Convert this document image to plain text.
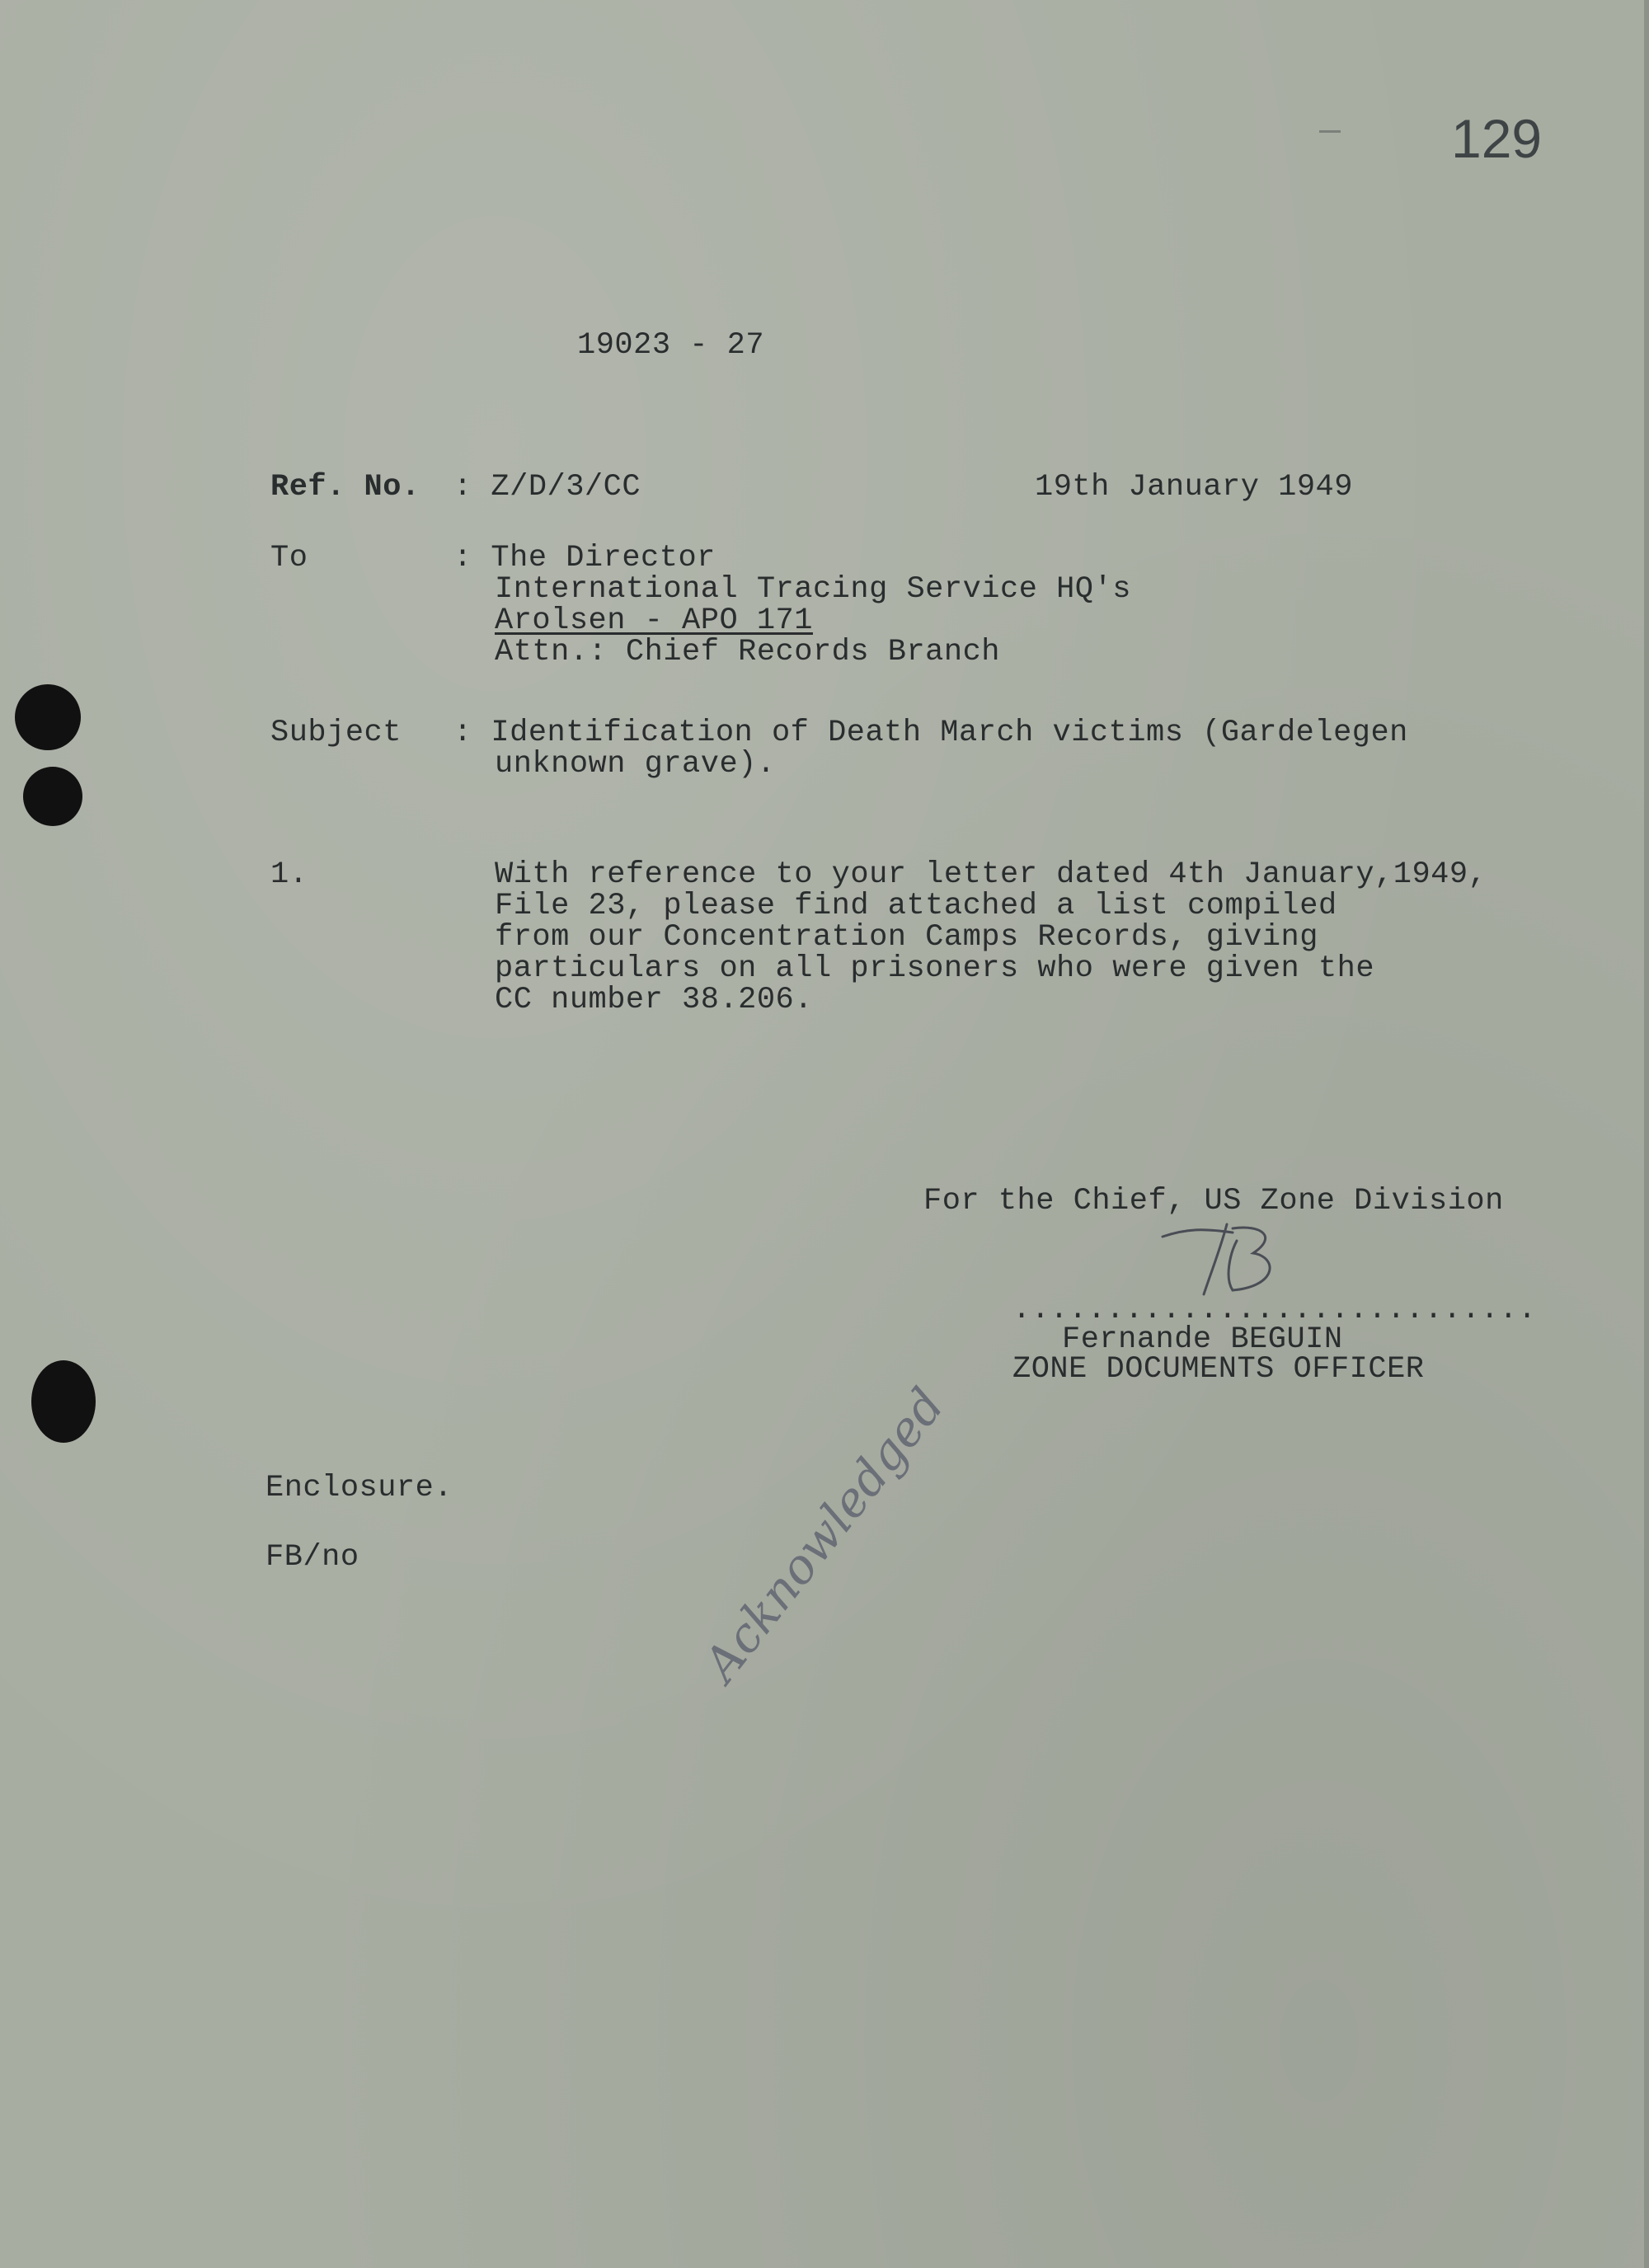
129
19023 - 27
Ref. No. : Z/D/3/CC	19th January 1949
To	: The Director
International Tracing Service HQ's
Arolsen - APO 171
Attn.: Chief Records Branch
Subject : Identification of Death March victims (Gardelegen
unknown grave).
1.	With reference to your letter dated 4th January,1949,
File 23, please find attached a list compiled
from our Concentration Camps Records, giving
particulars on all prisoners who were given the
CC number 38.206.
For the Chief, US Zone Division
............................
Fernande BEGUIN
ZONE DOCUMENTS OFFICER
Enclosure.
FB/no	Acknowledged
